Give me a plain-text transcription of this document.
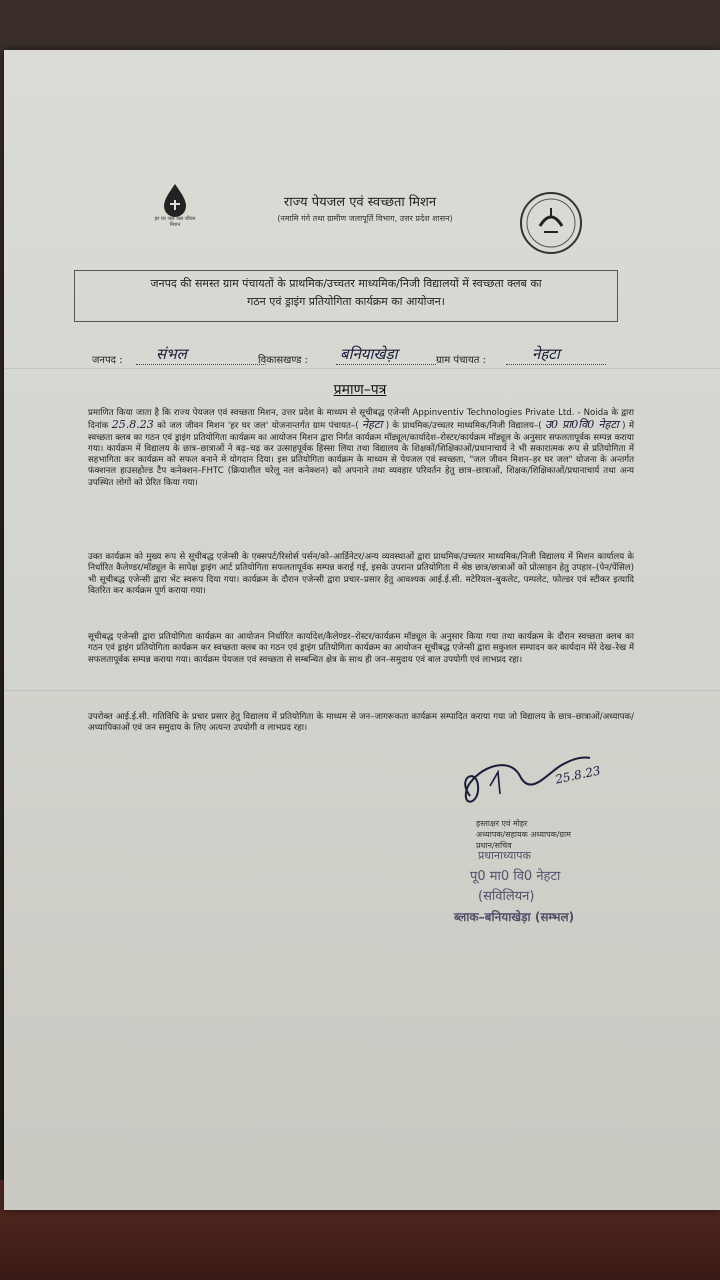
हर घर जल जल जीवन मिशन
राज्य पेयजल एवं स्वच्छता मिशन
(नमामि गंगे तथा ग्रामीण जलापूर्ति विभाग, उत्तर प्रदेश शासन)
जनपद की समस्त ग्राम पंचायतों के प्राथमिक/उच्चतर माध्यमिक/निजी विद्यालयों में स्वच्छता क्लब का
गठन एवं ड्राइंग प्रतियोगिता कार्यक्रम का आयोजन।
जनपद : संभल	विकासखण्ड : बनियाखेड़ा	ग्राम पंचायत :	नेहटा
प्रमाण–पत्र
प्रमाणित किया जाता है कि राज्य पेयजल एवं स्वच्छता मिशन, उत्तर प्रदेश के माध्यम से सूचीबद्ध एजेन्सी Appinventiv Technologies Private Ltd. - Noida के द्वारा दिनांक 25.8.23 को जल जीवन मिशन 'हर घर जल' योजनान्तर्गत ग्राम पंचायत–( नेहटा ) के प्राथमिक/उच्चतर माध्यमिक/निजी विद्यालय–( उ0 प्रा0वि0 नेहटा ) में स्वच्छता क्लब का गठन एवं ड्राइंग प्रतियोगिता कार्यक्रम का आयोजन मिशन द्वारा निर्गत कार्यक्रम मॉड्यूल/कार्यादेश–रोस्टर/कार्यक्रम मॉड्यूल के अनुसार सफलतापूर्वक सम्पन्न कराया गया। कार्यक्रम में विद्यालय के छात्र–छात्राओं ने बढ़–चढ़ कर उत्साहपूर्वक हिस्सा लिया तथा विद्यालय के शिक्षकों/शिक्षिकाओं/प्रधानाचार्य ने भी सकारात्मक रूप से प्रतियोगिता में सहभागिता कर कार्यक्रम को सफल बनाने में योगदान दिया। इस प्रतियोगिता कार्यक्रम के माध्यम से पेयजल एवं स्वच्छता, "जल जीवन मिशन–हर घर जल" योजना के अन्तर्गत फंक्शनल हाउसहोल्ड टैप कनेक्शन–FHTC (क्रियाशील घरेलू नल कनेक्शन) को अपनाने तथा व्यवहार परिवर्तन हेतु छात्र–छात्राओं, शिक्षक/शिक्षिकाओं/प्रधानाचार्य तथा अन्य उपस्थित लोगों को प्रेरित किया गया।
उक्त कार्यक्रम को मुख्य रूप से सूचीबद्ध एजेन्सी के एक्सपर्ट/रिसोर्स पर्सन/को–आर्डिनेटर/अन्य व्यवस्थाओं द्वारा प्राथमिक/उच्चतर माध्यमिक/निजी विद्यालय में मिशन कार्यालय के निर्धारित कैलेण्डर/मॉड्यूल के सापेक्ष ड्राइंग आर्ट प्रतियोगिता सफलतापूर्वक सम्पन्न कराई गई, इसके उपरान्त प्रतियोगिता में श्रेष्ठ छात्र/छात्राओं को प्रोत्साहन हेतु उपहार–(पेन/पेंसिल) भी सूचीबद्ध एजेन्सी द्वारा भेंट स्वरूप दिया गया। कार्यक्रम के दौरान एजेन्सी द्वारा प्रचार–प्रसार हेतु आवश्यक आई.ई.सी. मटेरियल–बुकलेट, पम्पलेट, फोल्डर एवं स्टीकर इत्यादि वितरित कर कार्यक्रम पूर्ण कराया गया।
सूचीबद्ध एजेन्सी द्वारा प्रतियोगिता कार्यक्रम का आयोजन निर्धारित कार्यादेश/कैलेण्डर–रोस्टर/कार्यक्रम मॉड्यूल के अनुसार किया गया तथा कार्यक्रम के दौरान स्वच्छता क्लब का गठन एवं ड्राइंग प्रतियोगिता कार्यक्रम कर स्वच्छता क्लब का गठन एवं ड्राइंग प्रतियोगिता कार्यक्रम का आयोजन सूचीबद्ध एजेन्सी द्वारा सकुशल सम्पादन कर कार्यदान मेरे देख–रेख में सफलतापूर्वक सम्पन्न कराया गया। कार्यक्रम पेयजल एवं स्वच्छता से सम्बन्धित क्षेत्र के साथ ही जन–समुदाय एवं बाल उपयोगी एवं लाभप्रद रहा।
उपरोक्त आई.ई.सी. गतिविधि के प्रचार प्रसार हेतु विद्यालय में प्रतियोगिता के माध्यम से जन–जागरूकता कार्यक्रम सम्पादित कराया गया जो विद्यालय के छात्र–छात्राओं/अध्यापक/अध्यापिकाओं एवं जन समुदाय के लिए अत्यन्त उपयोगी व लाभप्रद रहा।
25.8.23
हस्ताक्षर एवं मोहर
अध्यापक/सहायक अध्यापक/ग्राम
प्रधान/सचिव
प्रधानाध्यापक
पू0 मा0 वि0 नेहटा
(सविलियन)
ब्लाक–बनियाखेड़ा (सम्भल)
